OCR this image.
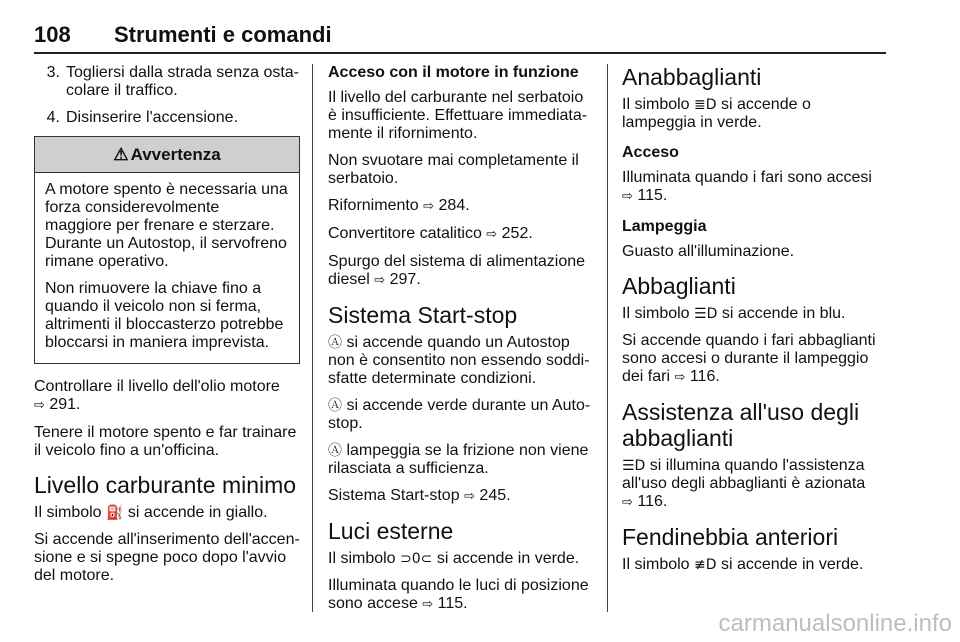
108 Strumenti e comandi
3. Togliersi dalla strada senza osta-colare il traffico.
4. Disinserire l'accensione.
⚠ Avvertenza

A motore spento è necessaria una forza considerevolmente maggiore per frenare e sterzare. Durante un Autostop, il servofreno rimane operativo.

Non rimuovere la chiave fino a quando il veicolo non si ferma, altrimenti il bloccasterzo potrebbe bloccarsi in maniera imprevista.

Controllare il livello dell'olio motore
⇨ 291.

Tenere il motore spento e far trainare il veicolo fino a un'officina.

Livello carburante minimo

Il simbolo ⛽ si accende in giallo.

Si accende all'inserimento dell'accen-sione e si spegne poco dopo l'avvio del motore.

Acceso con il motore in funzione

Il livello del carburante nel serbatoio è insufficiente. Effettuare immediata-mente il rifornimento.

Non svuotare mai completamente il serbatoio.

Rifornimento ⇨ 284.

Convertitore catalitico ⇨ 252.

Spurgo del sistema di alimentazione diesel ⇨ 297.

Sistema Start-stop

Ⓐ si accende quando un Autostop non è consentito non essendo soddi-sfatte determinate condizioni.

Ⓐ si accende verde durante un Auto-stop.

Ⓐ lampeggia se la frizione non viene rilasciata a sufficienza.

Sistema Start-stop ⇨ 245.

Luci esterne

Il simbolo ⊃0⊂ si accende in verde.

Illuminata quando le luci di posizione sono accese ⇨ 115.

Anabbaglianti

Il simbolo ≣D si accende o lampeggia in verde.

Acceso

Illuminata quando i fari sono accesi
⇨ 115.

Lampeggia

Guasto all'illuminazione.

Abbaglianti

Il simbolo ☰D si accende in blu.

Si accende quando i fari abbaglianti sono accesi o durante il lampeggio dei fari ⇨ 116.

Assistenza all'uso degli abbaglianti

☰D si illumina quando l'assistenza all'uso degli abbaglianti è azionata
⇨ 116.

Fendinebbia anteriori

Il simbolo ≢D si accende in verde.

carmanualsonline.info
